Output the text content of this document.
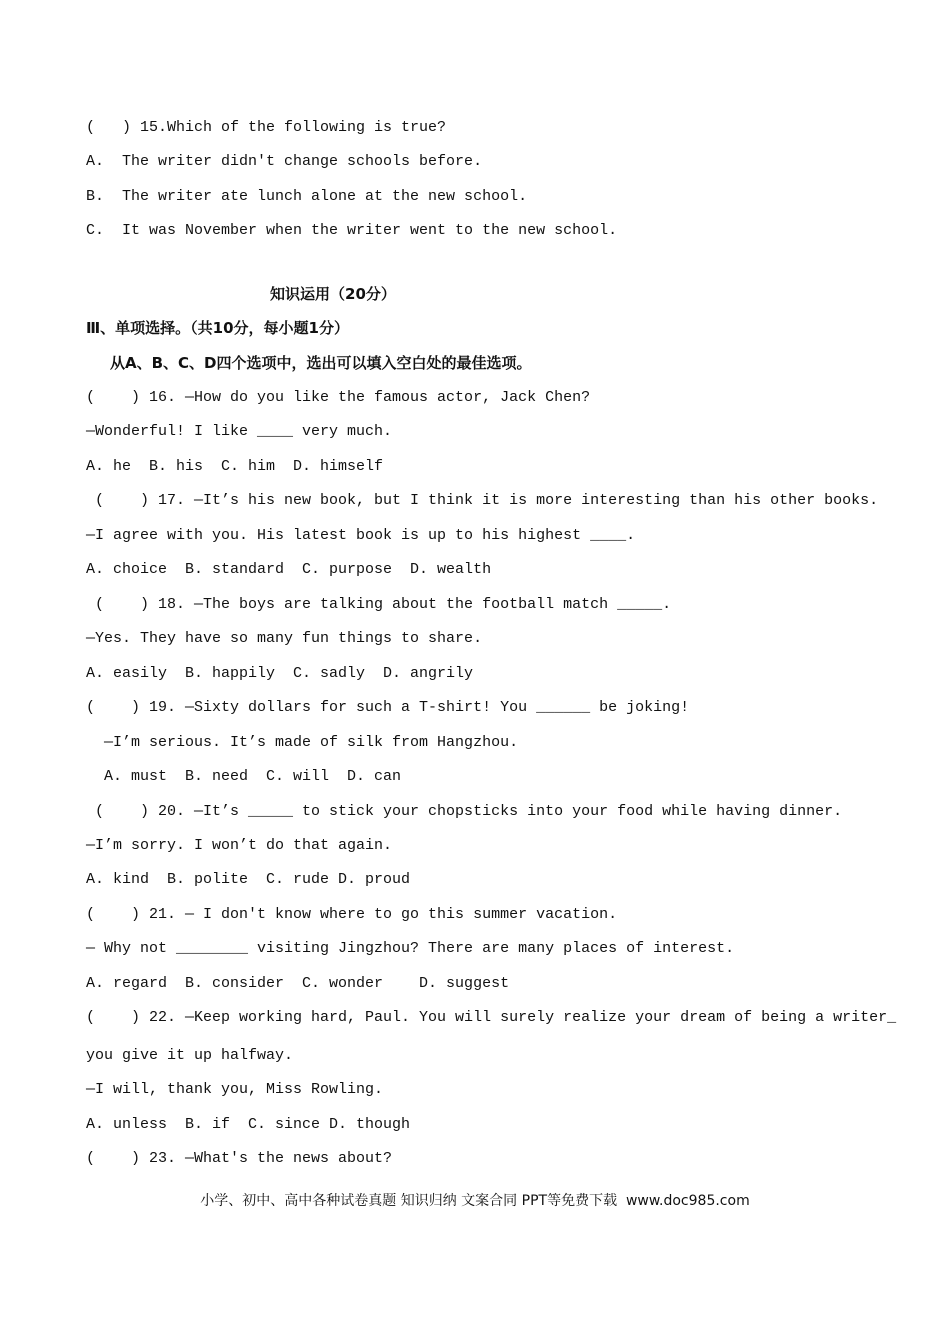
(   ) 15.Which of the following is true?
A.  The writer didn't change schools before.
B.  The writer ate lunch alone at the new school.
C.  It was November when the writer went to the new school.
知识运用（20分）
Ⅲ、单项选择。（共10分，每小题1分）
从A、B、C、D四个选项中，选出可以填入空白处的最佳选项。
(    ) 16. —How do you like the famous actor, Jack Chen?
—Wonderful! I like ____ very much.
A. he  B. his  C. him  D. himself
(    ) 17. —It’s his new book, but I think it is more interesting than his other books.
—I agree with you. His latest book is up to his highest ____.
A. choice  B. standard  C. purpose  D. wealth
(    ) 18. —The boys are talking about the football match _____.
—Yes. They have so many fun things to share.
A. easily  B. happily  C. sadly  D. angrily
(    ) 19. —Sixty dollars for such a T-shirt! You ______ be joking!
—I’m serious. It’s made of silk from Hangzhou.
A. must  B. need  C. will  D. can
(    ) 20. —It’s _____ to stick your chopsticks into your food while having dinner.
—I’m sorry. I won’t do that again.
A. kind  B. polite  C. rude D. proud
(    ) 21. — I don't know where to go this summer vacation.
— Why not ________ visiting Jingzhou? There are many places of interest.
A. regard  B. consider  C. wonder    D. suggest
(    ) 22. —Keep working hard, Paul. You will surely realize your dream of being a writer_
you give it up halfway.
—I will, thank you, Miss Rowling.
A. unless  B. if  C. since D. though
(    ) 23. —What's the news about?
小学、初中、高中各种试卷真题 知识归纳 文案合同 PPT等免费下载  www.doc985.com
